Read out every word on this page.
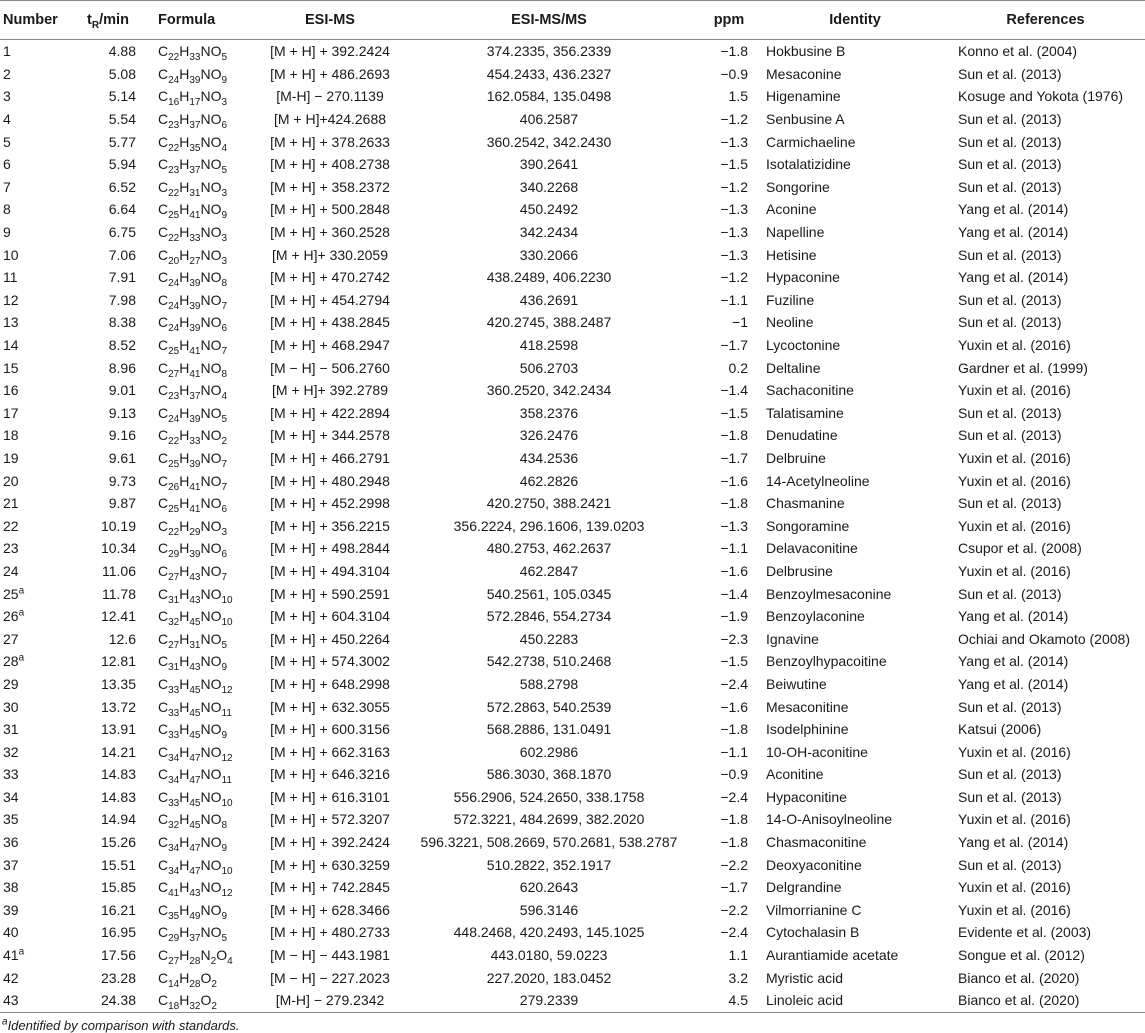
Number	$t_R/\min$	Formula	ESI-MS	ESI-MS/MS	ppm	Identity	References
1	4.88	$C_{22}H_{33}NO_5$	[M + H] + 392.2424	374.2335, 356.2339	−1.8	Hokbusine B	Konno et al. (2004)
2	5.08	$C_{24}H_{39}NO_9$	[M + H] + 486.2693	454.2433, 436.2327	−0.9	Mesaconine	Sun et al. (2013)
3	5.14	$C_{16}H_{17}NO_3$	[M-H] − 270.1139	162.0584, 135.0498	1.5	Higenamine	Kosuge and Yokota (1976)
4	5.54	$C_{23}H_{37}NO_6$	[M + H]+424.2688	406.2587	−1.2	Senbusine A	Sun et al. (2013)
5	5.77	$C_{22}H_{35}NO_4$	[M + H] + 378.2633	360.2542, 342.2430	−1.3	Carmichaeline	Sun et al. (2013)
6	5.94	$C_{23}H_{37}NO_5$	[M + H] + 408.2738	390.2641	−1.5	Isotalatizidine	Sun et al. (2013)
7	6.52	$C_{22}H_{31}NO_3$	[M + H] + 358.2372	340.2268	−1.2	Songorine	Sun et al. (2013)
8	6.64	$C_{25}H_{41}NO_9$	[M + H] + 500.2848	450.2492	−1.3	Aconine	Yang et al. (2014)
9	6.75	$C_{22}H_{33}NO_3$	[M + H] + 360.2528	342.2434	−1.3	Napelline	Yang et al. (2014)
10	7.06	$C_{20}H_{27}NO_3$	[M + H]+ 330.2059	330.2066	−1.3	Hetisine	Sun et al. (2013)
11	7.91	$C_{24}H_{39}NO_8$	[M + H] + 470.2742	438.2489, 406.2230	−1.2	Hypaconine	Yang et al. (2014)
12	7.98	$C_{24}H_{39}NO_7$	[M + H] + 454.2794	436.2691	−1.1	Fuziline	Sun et al. (2013)
13	8.38	$C_{24}H_{39}NO_6$	[M + H] + 438.2845	420.2745, 388.2487	−1	Neoline	Sun et al. (2013)
14	8.52	$C_{25}H_{41}NO_7$	[M + H] + 468.2947	418.2598	−1.7	Lycoctonine	Yuxin et al. (2016)
15	8.96	$C_{27}H_{41}NO_8$	[M − H] − 506.2760	506.2703	0.2	Deltaline	Gardner et al. (1999)
16	9.01	$C_{23}H_{37}NO_4$	[M + H]+ 392.2789	360.2520, 342.2434	−1.4	Sachaconitine	Yuxin et al. (2016)
17	9.13	$C_{24}H_{39}NO_5$	[M + H] + 422.2894	358.2376	−1.5	Talatisamine	Sun et al. (2013)
18	9.16	$C_{22}H_{33}NO_2$	[M + H] + 344.2578	326.2476	−1.8	Denudatine	Sun et al. (2013)
19	9.61	$C_{25}H_{39}NO_7$	[M + H] + 466.2791	434.2536	−1.7	Delbruine	Yuxin et al. (2016)
20	9.73	$C_{26}H_{41}NO_7$	[M + H] + 480.2948	462.2826	−1.6	14-Acetylneoline	Yuxin et al. (2016)
21	9.87	$C_{25}H_{41}NO_6$	[M + H] + 452.2998	420.2750, 388.2421	−1.8	Chasmanine	Sun et al. (2013)
22	10.19	$C_{22}H_{29}NO_3$	[M + H] + 356.2215	356.2224, 296.1606, 139.0203	−1.3	Songoramine	Yuxin et al. (2016)
23	10.34	$C_{29}H_{39}NO_6$	[M + H] + 498.2844	480.2753, 462.2637	−1.1	Delavaconitine	Csupor et al. (2008)
24	11.06	$C_{27}H_{43}NO_7$	[M + H] + 494.3104	462.2847	−1.6	Delbrusine	Yuxin et al. (2016)
25$^a$	11.78	$C_{31}H_{43}NO_{10}$	[M + H] + 590.2591	540.2561, 105.0345	−1.4	Benzoylmesaconine	Sun et al. (2013)
26$^a$	12.41	$C_{32}H_{45}NO_{10}$	[M + H] + 604.3104	572.2846, 554.2734	−1.9	Benzoylaconine	Yang et al. (2014)
27	12.6	$C_{27}H_{31}NO_5$	[M + H] + 450.2264	450.2283	−2.3	Ignavine	Ochiai and Okamoto (2008)
28$^a$	12.81	$C_{31}H_{43}NO_9$	[M + H] + 574.3002	542.2738, 510.2468	−1.5	Benzoylhypacoitine	Yang et al. (2014)
29	13.35	$C_{33}H_{45}NO_{12}$	[M + H] + 648.2998	588.2798	−2.4	Beiwutine	Yang et al. (2014)
30	13.72	$C_{33}H_{45}NO_{11}$	[M + H] + 632.3055	572.2863, 540.2539	−1.6	Mesaconitine	Sun et al. (2013)
31	13.91	$C_{33}H_{45}NO_9$	[M + H] + 600.3156	568.2886, 131.0491	−1.8	Isodelphinine	Katsui (2006)
32	14.21	$C_{34}H_{47}NO_{12}$	[M + H] + 662.3163	602.2986	−1.1	10-OH-aconitine	Yuxin et al. (2016)
33	14.83	$C_{34}H_{47}NO_{11}$	[M + H] + 646.3216	586.3030, 368.1870	−0.9	Aconitine	Sun et al. (2013)
34	14.83	$C_{33}H_{45}NO_{10}$	[M + H] + 616.3101	556.2906, 524.2650, 338.1758	−2.4	Hypaconitine	Sun et al. (2013)
35	14.94	$C_{32}H_{45}NO_8$	[M + H] + 572.3207	572.3221, 484.2699, 382.2020	−1.8	14-O-Anisoylneoline	Yuxin et al. (2016)
36	15.26	$C_{34}H_{47}NO_9$	[M + H] + 392.2424	596.3221, 508.2669, 570.2681, 538.2787	−1.8	Chasmaconitine	Yang et al. (2014)
37	15.51	$C_{34}H_{47}NO_{10}$	[M + H] + 630.3259	510.2822, 352.1917	−2.2	Deoxyaconitine	Sun et al. (2013)
38	15.85	$C_{41}H_{43}NO_{12}$	[M + H] + 742.2845	620.2643	−1.7	Delgrandine	Yuxin et al. (2016)
39	16.21	$C_{35}H_{49}NO_9$	[M + H] + 628.3466	596.3146	−2.2	Vilmorrianine C	Yuxin et al. (2016)
40	16.95	$C_{29}H_{37}NO_5$	[M + H] + 480.2733	448.2468, 420.2493, 145.1025	−2.4	Cytochalasin B	Evidente et al. (2003)
41$^a$	17.56	$C_{27}H_{28}N_2O_4$	[M − H] − 443.1981	443.0180, 59.0223	1.1	Aurantiamide acetate	Songue et al. (2012)
42	23.28	$C_{14}H_{28}O_2$	[M − H] − 227.2023	227.2020, 183.0452	3.2	Myristic acid	Bianco et al. (2020)
43	24.38	$C_{18}H_{32}O_2$	[M-H] − 279.2342	279.2339	4.5	Linoleic acid	Bianco et al. (2020)
$^a$Identified by comparison with standards.
